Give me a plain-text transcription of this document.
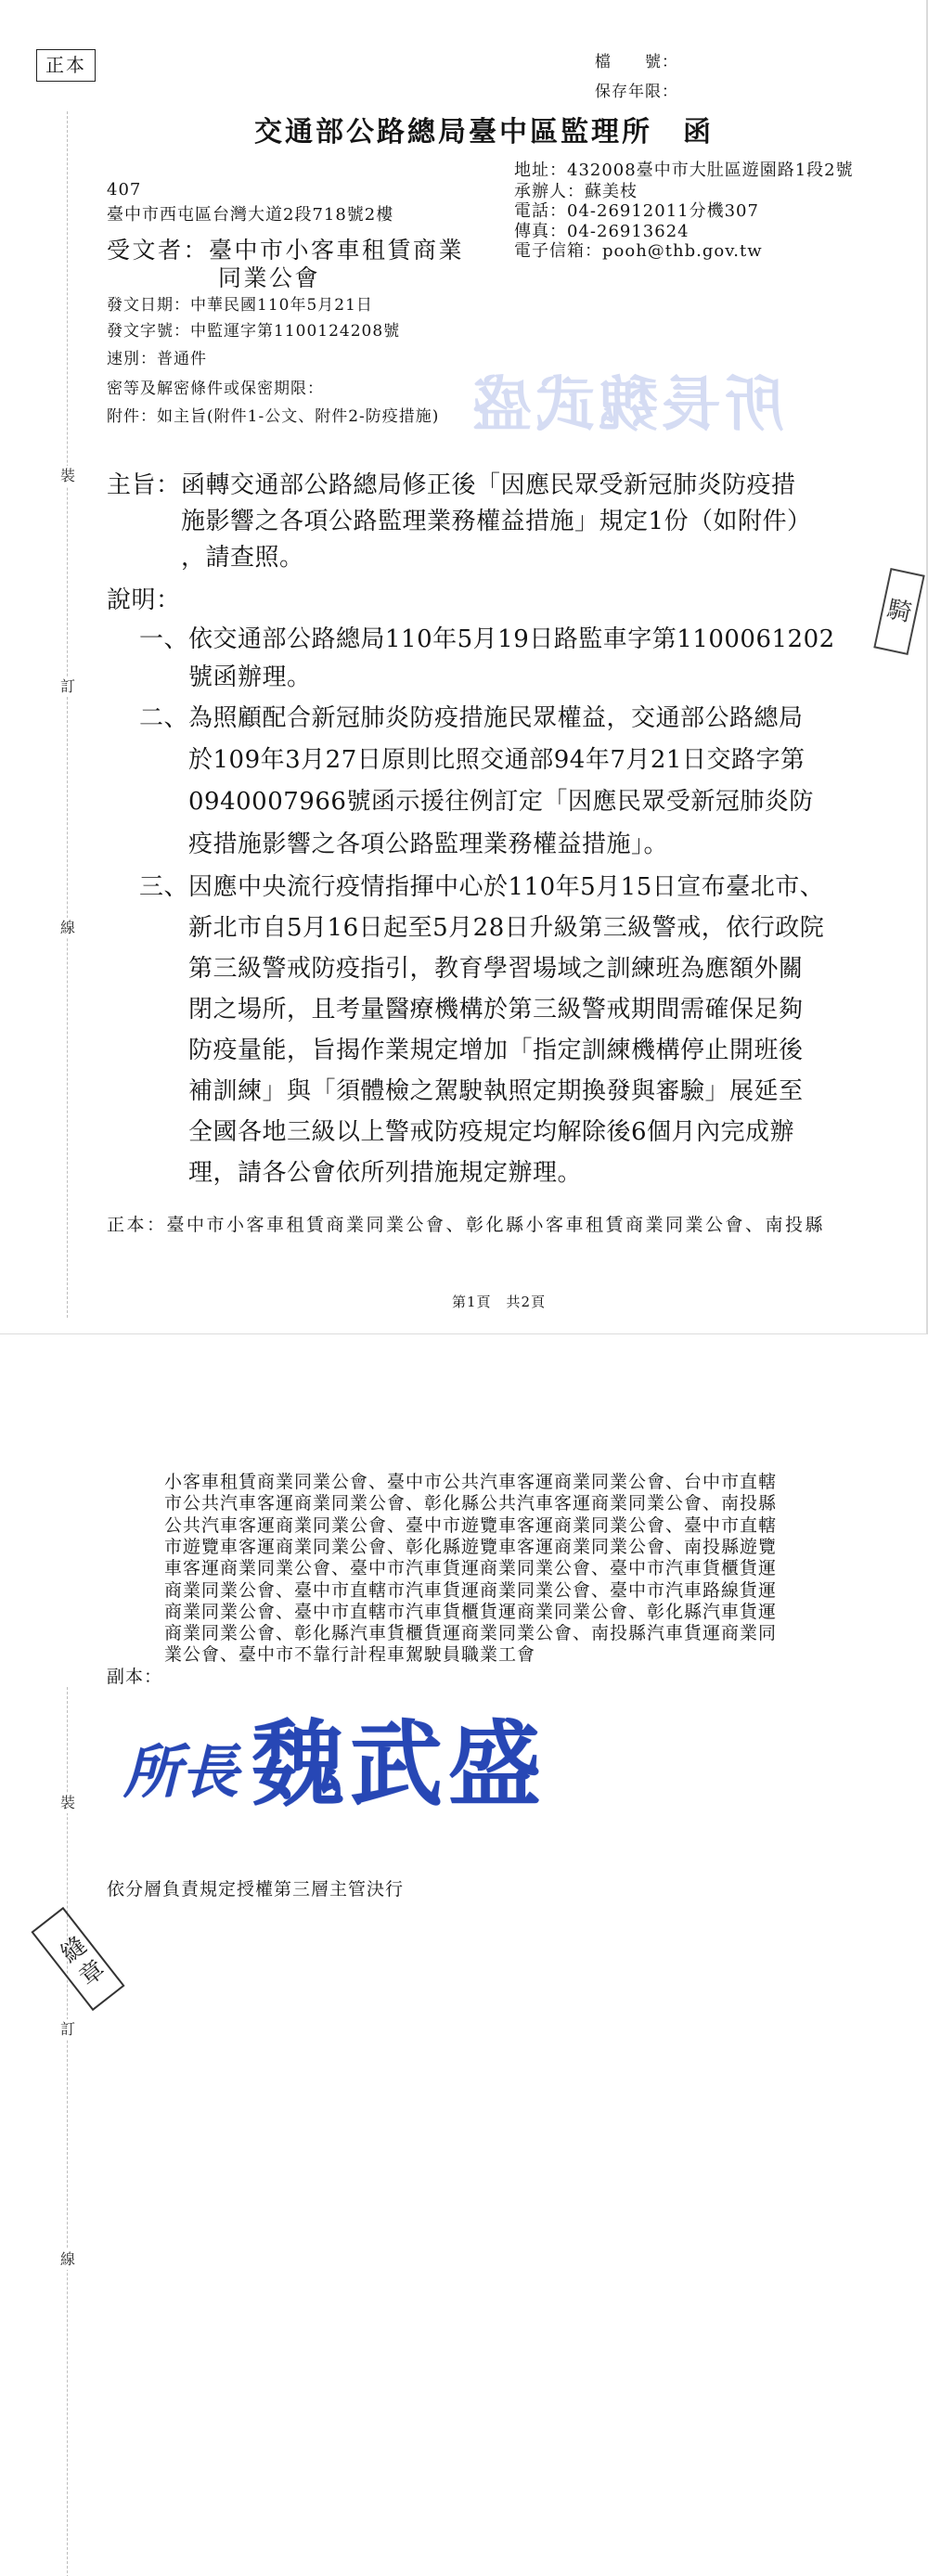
裝
訂
線
正本	檔　　號：
保存年限：
交通部公路總局臺中區監理所　函
407
臺中市西屯區台灣大道2段718號2樓
地址：432008臺中市大肚區遊園路1段2號
承辦人：蘇美枝
電話：04-26912011分機307
傳真：04-26913624
電子信箱：pooh@thb.gov.tw
受文者：臺中市小客車租賃商業
同業公會
發文日期：中華民國110年5月21日
發文字號：中監運字第1100124208號
速別：普通件
密等及解密條件或保密期限：
附件：如主旨(附件1-公文、附件2-防疫措施) 所長魏武盛
騎
主旨： 函轉交通部公路總局修正後「因應民眾受新冠肺炎防疫措
施影響之各項公路監理業務權益措施」規定1份（如附件）
，請查照。
說明：
一、 依交通部公路總局110年5月19日路監車字第1100061202
號函辦理。
二、 為照顧配合新冠肺炎防疫措施民眾權益，交通部公路總局
於109年3月27日原則比照交通部94年7月21日交路字第
0940007966號函示援往例訂定「因應民眾受新冠肺炎防
疫措施影響之各項公路監理業務權益措施」。
三、 因應中央流行疫情指揮中心於110年5月15日宣布臺北市、
新北市自5月16日起至5月28日升級第三級警戒，依行政院
第三級警戒防疫指引，教育學習場域之訓練班為應額外關
閉之場所，且考量醫療機構於第三級警戒期間需確保足夠
防疫量能，旨揭作業規定增加「指定訓練機構停止開班後
補訓練」與「須體檢之駕駛執照定期換發與審驗」展延至
全國各地三級以上警戒防疫規定均解除後6個月內完成辦
理，請各公會依所列措施規定辦理。
正本：臺中市小客車租賃商業同業公會、彰化縣小客車租賃商業同業公會、南投縣
第1頁　共2頁
裝
訂
線
小客車租賃商業同業公會、臺中市公共汽車客運商業同業公會、台中市直轄
市公共汽車客運商業同業公會、彰化縣公共汽車客運商業同業公會、南投縣
公共汽車客運商業同業公會、臺中市遊覽車客運商業同業公會、臺中市直轄
市遊覽車客運商業同業公會、彰化縣遊覽車客運商業同業公會、南投縣遊覽
車客運商業同業公會、臺中市汽車貨運商業同業公會、臺中市汽車貨櫃貨運
商業同業公會、臺中市直轄市汽車貨運商業同業公會、臺中市汽車路線貨運
商業同業公會、臺中市直轄市汽車貨櫃貨運商業同業公會、彰化縣汽車貨運
商業同業公會、彰化縣汽車貨櫃貨運商業同業公會、南投縣汽車貨運商業同
業公會、臺中市不靠行計程車駕駛員職業工會
副本：
所長 魏武盛
依分層負責規定授權第三層主管決行
縫章
